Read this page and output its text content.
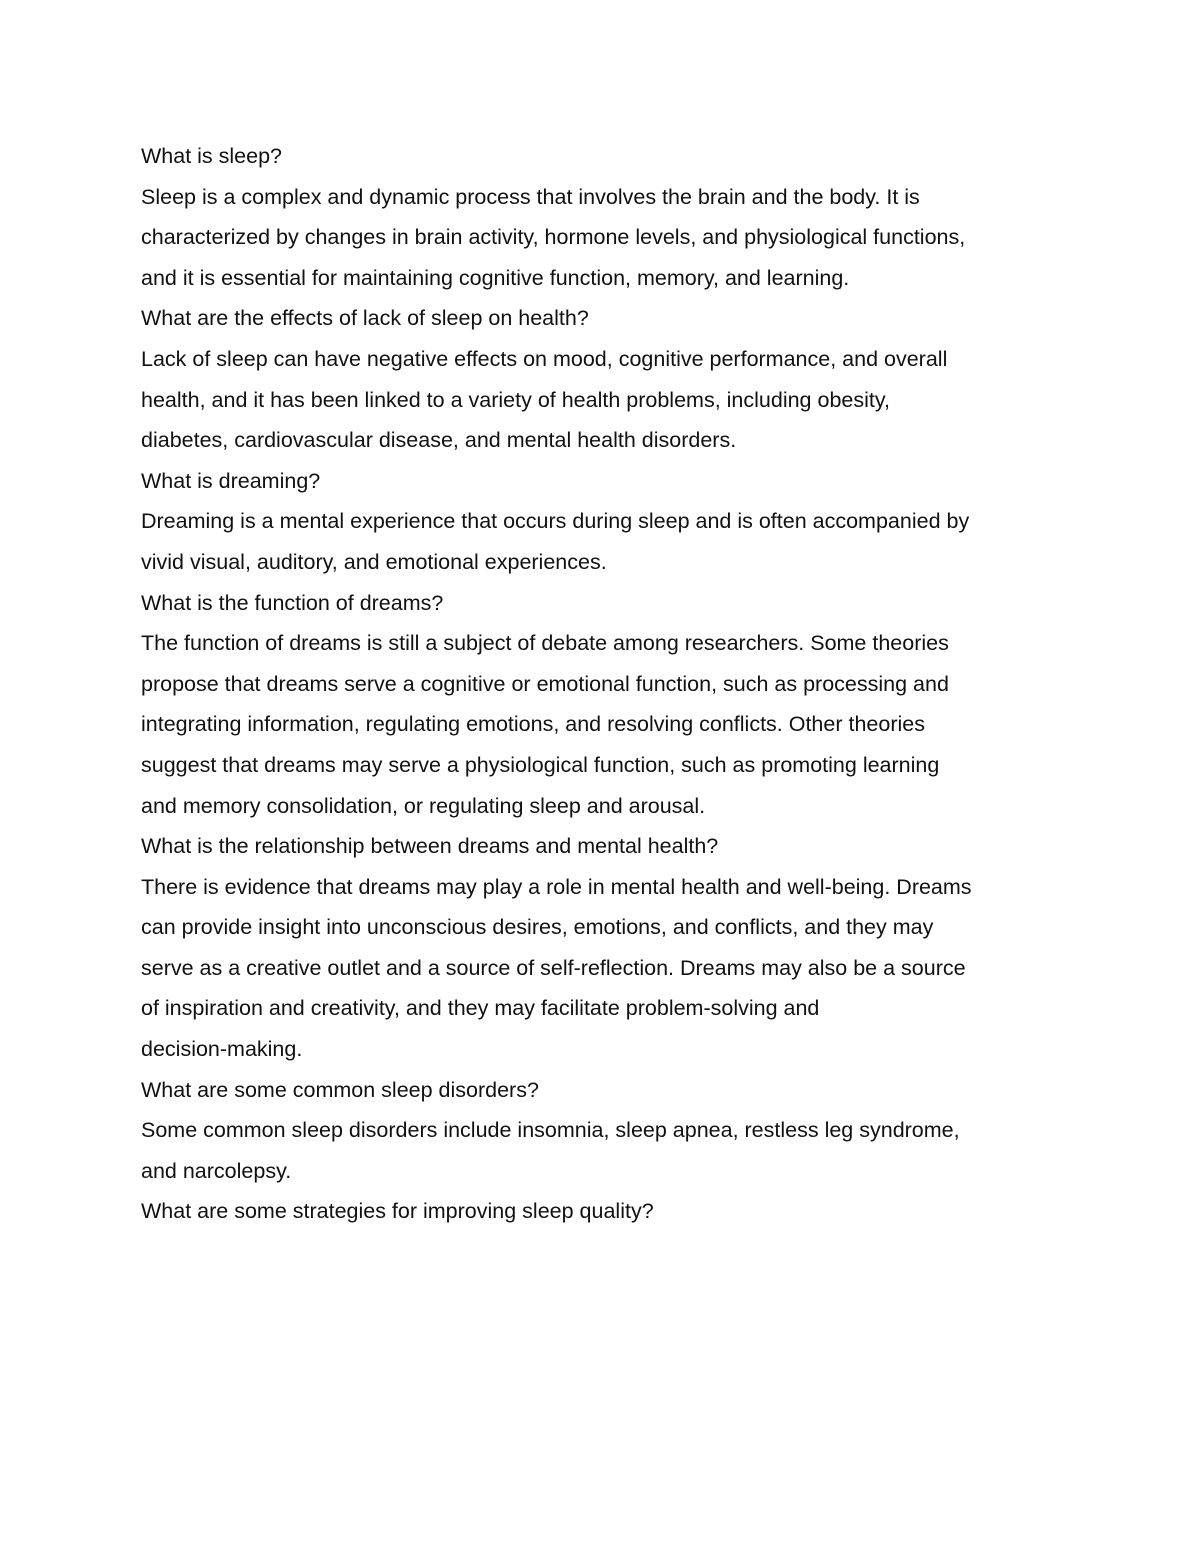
What is sleep?

Sleep is a complex and dynamic process that involves the brain and the body. It is

characterized by changes in brain activity, hormone levels, and physiological functions,

and it is essential for maintaining cognitive function, memory, and learning.

What are the effects of lack of sleep on health?

Lack of sleep can have negative effects on mood, cognitive performance, and overall

health, and it has been linked to a variety of health problems, including obesity,

diabetes, cardiovascular disease, and mental health disorders.

What is dreaming?

Dreaming is a mental experience that occurs during sleep and is often accompanied by

vivid visual, auditory, and emotional experiences.

What is the function of dreams?

The function of dreams is still a subject of debate among researchers. Some theories

propose that dreams serve a cognitive or emotional function, such as processing and

integrating information, regulating emotions, and resolving conflicts. Other theories

suggest that dreams may serve a physiological function, such as promoting learning

and memory consolidation, or regulating sleep and arousal.

What is the relationship between dreams and mental health?

There is evidence that dreams may play a role in mental health and well-being. Dreams

can provide insight into unconscious desires, emotions, and conflicts, and they may

serve as a creative outlet and a source of self-reflection. Dreams may also be a source

of inspiration and creativity, and they may facilitate problem-solving and

decision-making.

What are some common sleep disorders?

Some common sleep disorders include insomnia, sleep apnea, restless leg syndrome,

and narcolepsy.

What are some strategies for improving sleep quality?
